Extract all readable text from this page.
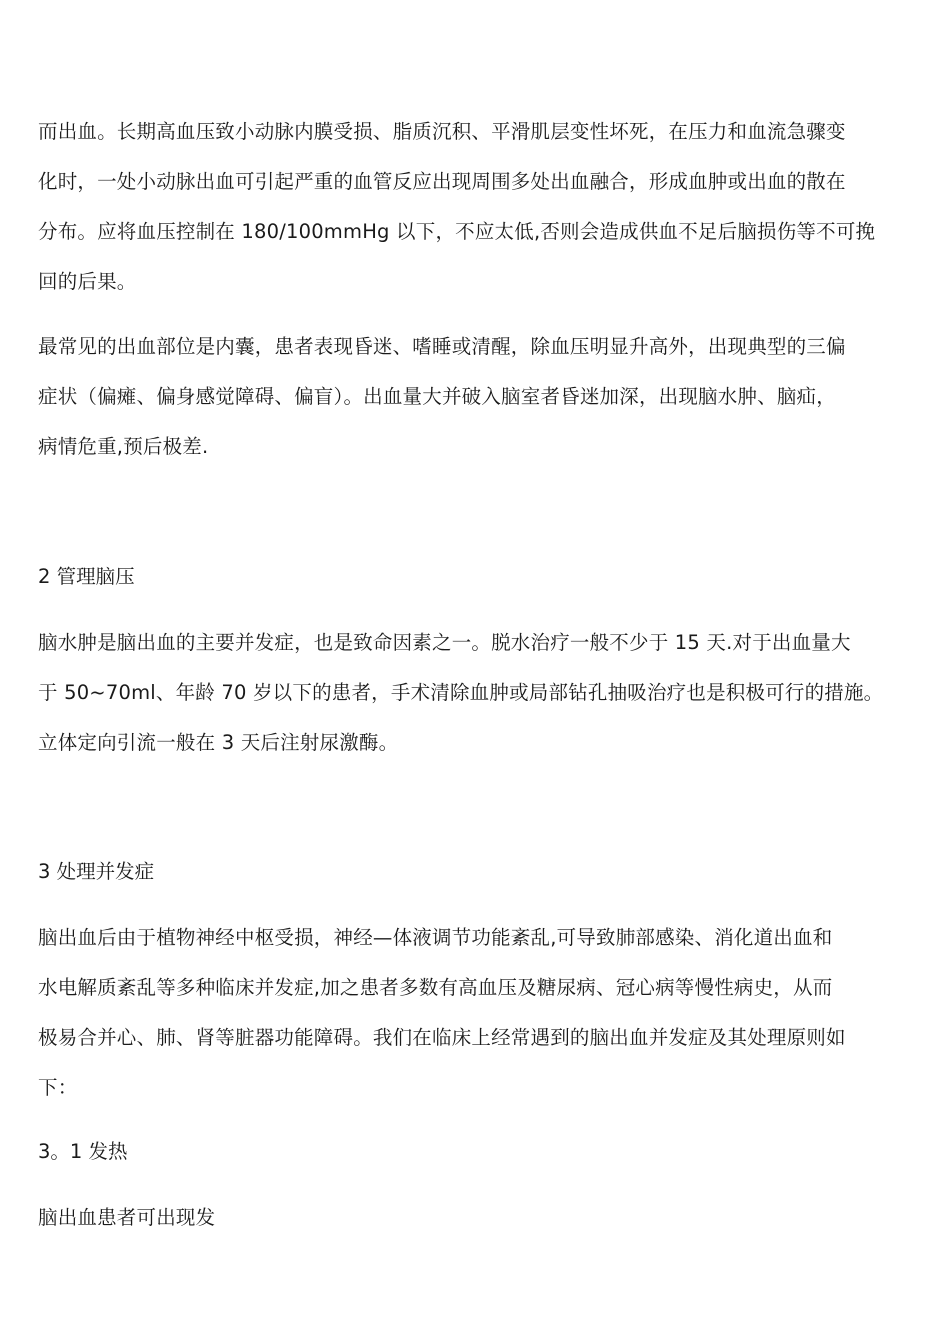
而出血。长期高血压致小动脉内膜受损、脂质沉积、平滑肌层变性坏死，在压力和血流急骤变
化时，一处小动脉出血可引起严重的血管反应出现周围多处出血融合，形成血肿或出血的散在
分布。应将血压控制在 180/100mmHg 以下，不应太低,否则会造成供血不足后脑损伤等不可挽
回的后果。
最常见的出血部位是内囊，患者表现昏迷、嗜睡或清醒，除血压明显升高外，出现典型的三偏
症状（偏瘫、偏身感觉障碍、偏盲）。出血量大并破入脑室者昏迷加深，出现脑水肿、脑疝，
病情危重,预后极差.
2 管理脑压
脑水肿是脑出血的主要并发症，也是致命因素之一。脱水治疗一般不少于 15 天.对于出血量大
于 50~70ml、年龄 70 岁以下的患者，手术清除血肿或局部钻孔抽吸治疗也是积极可行的措施。
立体定向引流一般在 3 天后注射尿激酶。
3 处理并发症
脑出血后由于植物神经中枢受损，神经—体液调节功能紊乱,可导致肺部感染、消化道出血和
水电解质紊乱等多种临床并发症,加之患者多数有高血压及糖尿病、冠心病等慢性病史，从而
极易合并心、肺、肾等脏器功能障碍。我们在临床上经常遇到的脑出血并发症及其处理原则如
下：
3。1 发热
脑出血患者可出现发
